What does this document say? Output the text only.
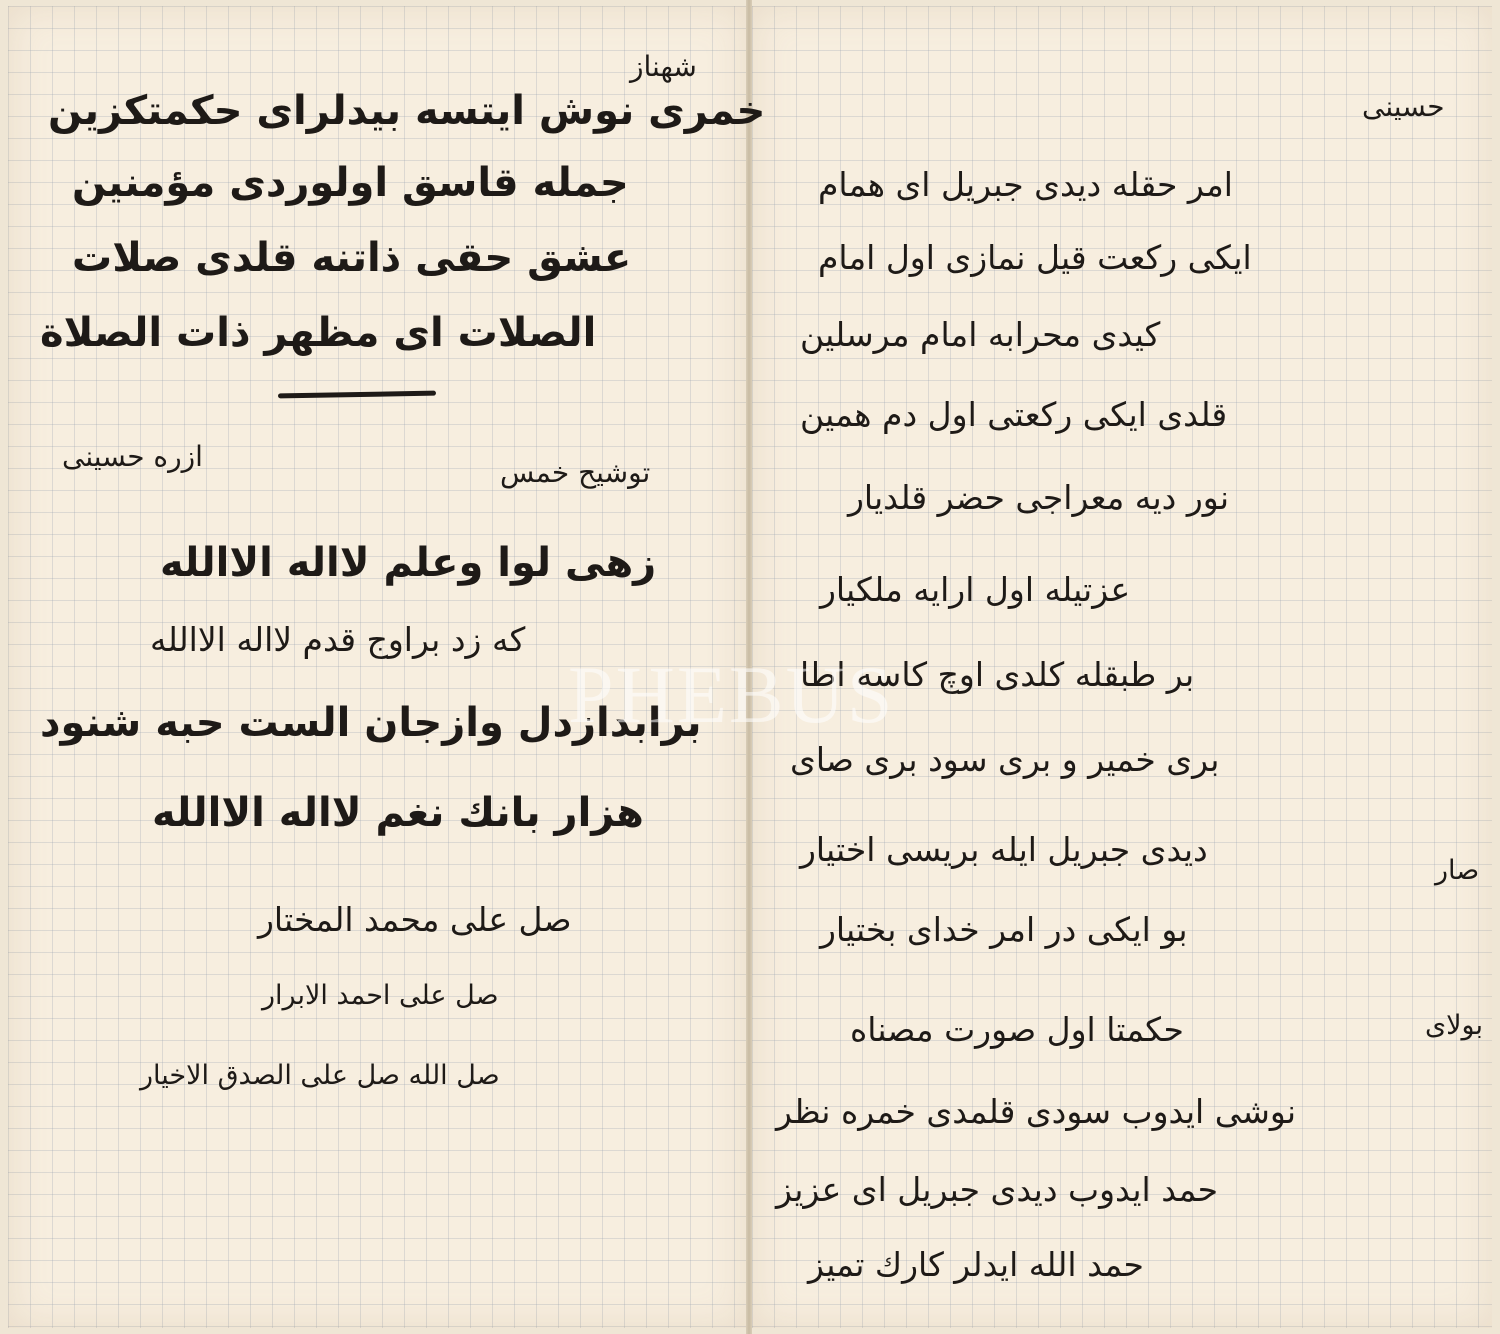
شهناز
خمری نوش ایتسه بیدلرای حکمتکزین
جمله قاسق اولوردی مؤمنین
عشق حقی ذاتنه قلدی صلات
الصلات ای مظهر ذات الصلاة
توشیح خمس
ازره حسینی
زهی لوا وعلم لااله الاالله
که زد براوج قدم لااله الاالله
برابدازدل وازجان الست حبه شنود
هزار بانك نغم لااله الاالله
صل علی محمد المختار
صل علی احمد الابرار
صل الله صل علی الصدق الاخیار
حسینی
امر حقله دیدی جبریل ای همام
ایکی رکعت قیل نمازی اول امام
کیدی محرابه امام مرسلین
قلدی ایکی رکعتی اول دم همین
نور دیه معراجی حضر قلدیار
عزتیله اول ارایه ملکیار
بر طبقله کلدی اوچ کاسه اطا
بری خمیر و بری سود بری صای
دیدی جبریل ایله بریسی اختیار
بو ایکی در امر خدای بختیار
حکمتا اول صورت مصناه
نوشی ایدوب سودی قلمدی خمره نظر
حمد ایدوب دیدی جبریل ای عزیز
حمد الله ایدلر کارك تمیز
صار
بولای
PHEBUS
